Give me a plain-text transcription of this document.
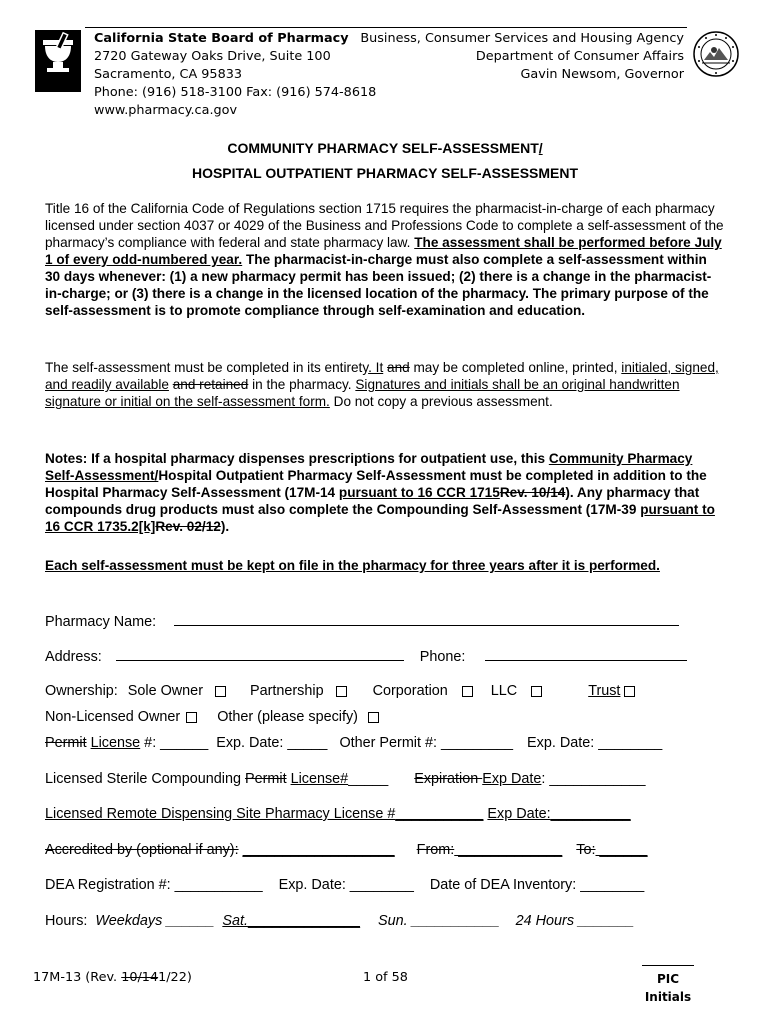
California State Board of Pharmacy
2720 Gateway Oaks Drive, Suite 100
Sacramento, CA 95833
Phone: (916) 518-3100 Fax: (916) 574-8618
www.pharmacy.ca.gov
Business, Consumer Services and Housing Agency
Department of Consumer Affairs
Gavin Newsom, Governor
COMMUNITY PHARMACY SELF-ASSESSMENT/
HOSPITAL OUTPATIENT PHARMACY SELF-ASSESSMENT
Title 16 of the California Code of Regulations section 1715 requires the pharmacist-in-charge of each pharmacy licensed under section 4037 or 4029 of the Business and Professions Code to complete a self-assessment of the pharmacy’s compliance with federal and state pharmacy law. The assessment shall be performed before July 1 of every odd-numbered year. The pharmacist-in-charge must also complete a self-assessment within 30 days whenever: (1) a new pharmacy permit has been issued; (2) there is a change in the pharmacist-in-charge; or (3) there is a change in the licensed location of the pharmacy. The primary purpose of the self-assessment is to promote compliance through self-examination and education.
The self-assessment must be completed in its entirety. It and may be completed online, printed, initialed, signed, and readily available and retained in the pharmacy. Signatures and initials shall be an original handwritten signature or initial on the self-assessment form. Do not copy a previous assessment.
Notes: If a hospital pharmacy dispenses prescriptions for outpatient use, this Community Pharmacy Self-Assessment/Hospital Outpatient Pharmacy Self-Assessment must be completed in addition to the Hospital Pharmacy Self-Assessment (17M-14 pursuant to 16 CCR 1715Rev. 10/14). Any pharmacy that compounds drug products must also complete the Compounding Self-Assessment (17M-39 pursuant to 16 CCR 1735.2[k]Rev. 02/12).
Each self-assessment must be kept on file in the pharmacy for three years after it is performed.
Pharmacy Name:
Address:	Phone:
Ownership: Sole Owner	Partnership	Corporation	LLC	Trust
Non-Licensed Owner	Other (please specify)
Permit License #: ______ Exp. Date: _____ Other Permit #: _________ Exp. Date: ________
Licensed Sterile Compounding Permit License#_____ Expiration Exp Date: ____________
Licensed Remote Dispensing Site Pharmacy License #___________ Exp Date:__________
Accredited by (optional if any): ___________________ From: _____________ To: ______
DEA Registration #: ___________ Exp. Date: ________ Date of DEA Inventory: ________
Hours: Weekdays ______ Sat.______________ Sun. ___________ 24 Hours _______
17M-13 (Rev. 10/141/22)	1 of 58	PIC
Initials
